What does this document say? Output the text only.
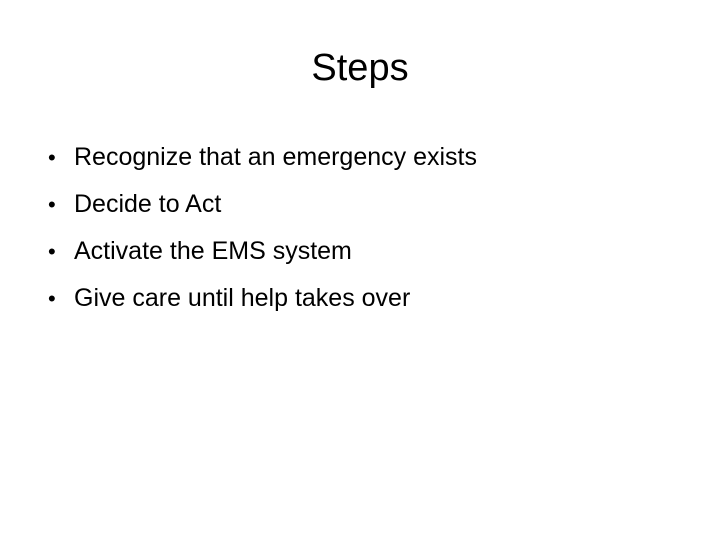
Steps
• Recognize that an emergency exists
• Decide to Act
• Activate the EMS system
• Give care until help takes over
